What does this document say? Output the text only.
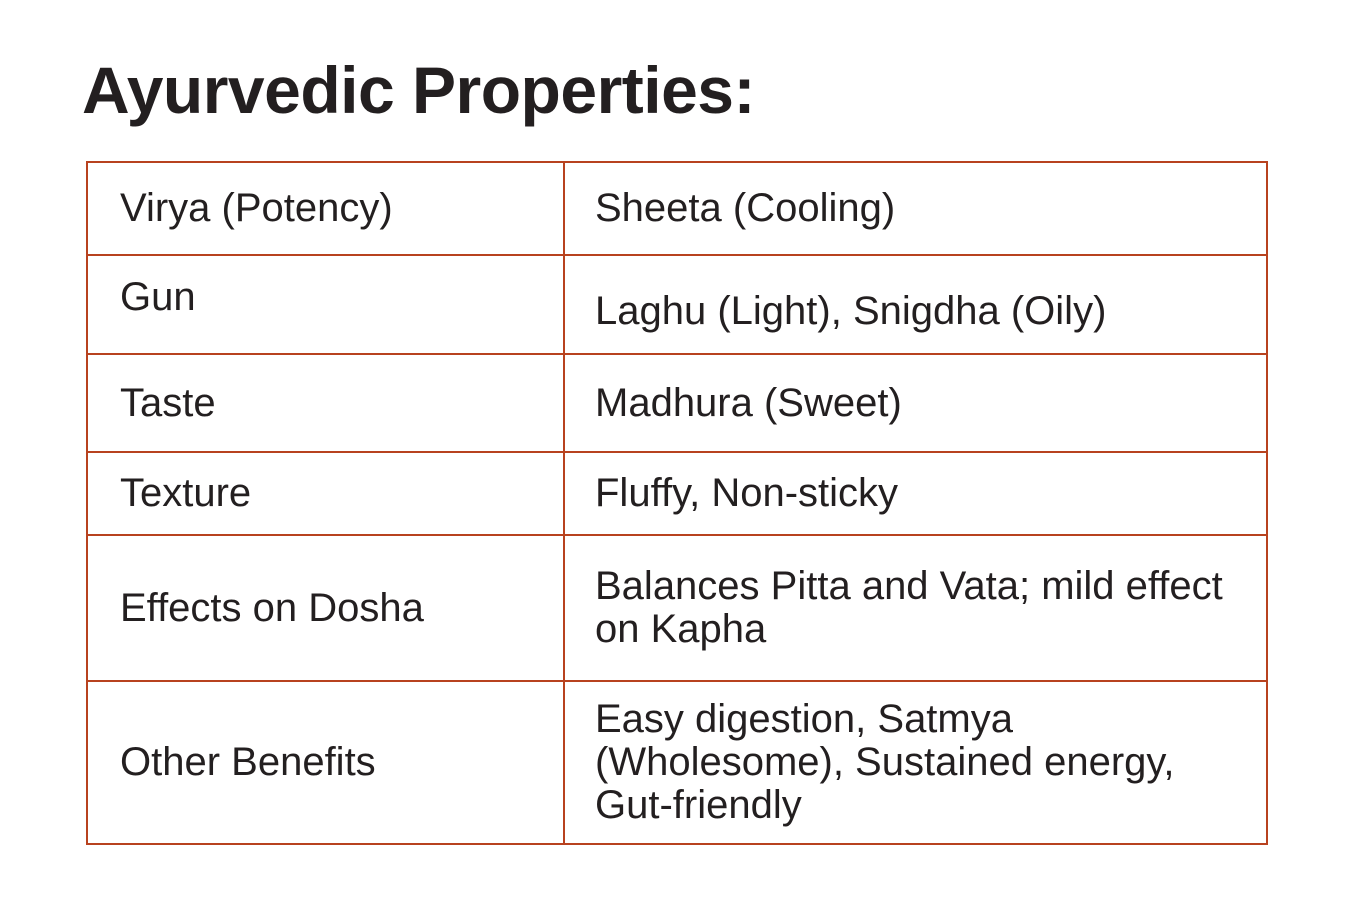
Ayurvedic Properties:
Virya (Potency)	Sheeta (Cooling)
Gun	Laghu (Light), Snigdha (Oily)
Taste	Madhura (Sweet)
Texture	Fluffy, Non-sticky
Effects on Dosha	Balances Pitta and Vata; mild effect on Kapha
Other Benefits	Easy digestion, Satmya (Wholesome), Sustained energy, Gut-friendly
